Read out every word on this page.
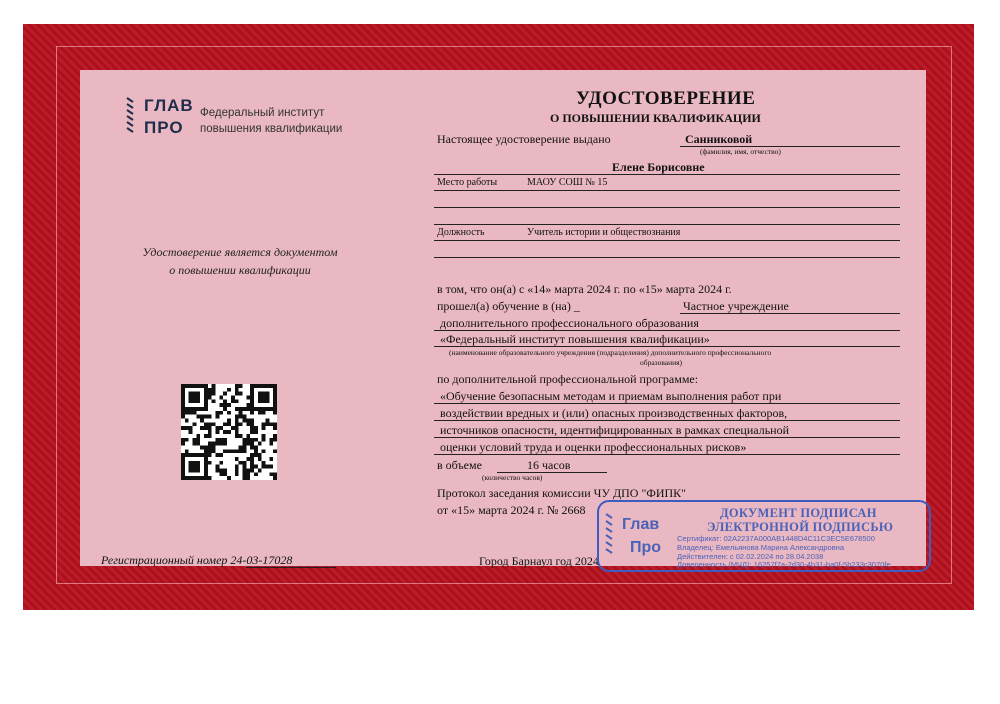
ГЛАВ
ПРО
Федеральный институт
повышения квалификации
Удостоверение является документом
о повышении квалификации
УДОСТОВЕРЕНИЕ
О ПОВЫШЕНИИ КВАЛИФИКАЦИИ
Настоящее удостоверение выдано	Санниковой
(фамилия, имя, отчество)
Елене Борисовне
Место работы	МАОУ СОШ № 15
Должность	Учитель истории и обществознания
в том, что он(а) с «14» марта 2024 г. по «15» марта 2024 г.
прошел(а) обучение в (на) _	Частное учреждение
дополнительного профессионального образования
«Федеральный институт повышения квалификации»
(наименование образовательного учреждения (подразделения) дополнительного профессионального
образования)
по дополнительной профессиональной программе:
«Обучение безопасным методам и приемам выполнения работ при
воздействии вредных и (или) опасных производственных факторов,
источников опасности, идентифицированных в рамках специальной
оценки условий труда и оценки профессиональных рисков»
в объеме	16 часов
(количество часов)
Протокол заседания комиссии ЧУ ДПО "ФИПК"
от «15» марта 2024 г. № 2668
Регистрационный номер 24-03-17028	Город Барнаул год 2024
Глав
Про
ДОКУМЕНТ ПОДПИСАН
ЭЛЕКТРОННОЙ ПОДПИСЬЮ
Сертификат: 02A2237A000AB1448D4C11C3EC5E678500
Владелец: Емельянова Марина Александровна
Действителен: с 02.02.2024 по 28.04.2038
Доверенность (МЧД): 16257f7a-2d30-4b31-ba0f-5b233c3070fe
